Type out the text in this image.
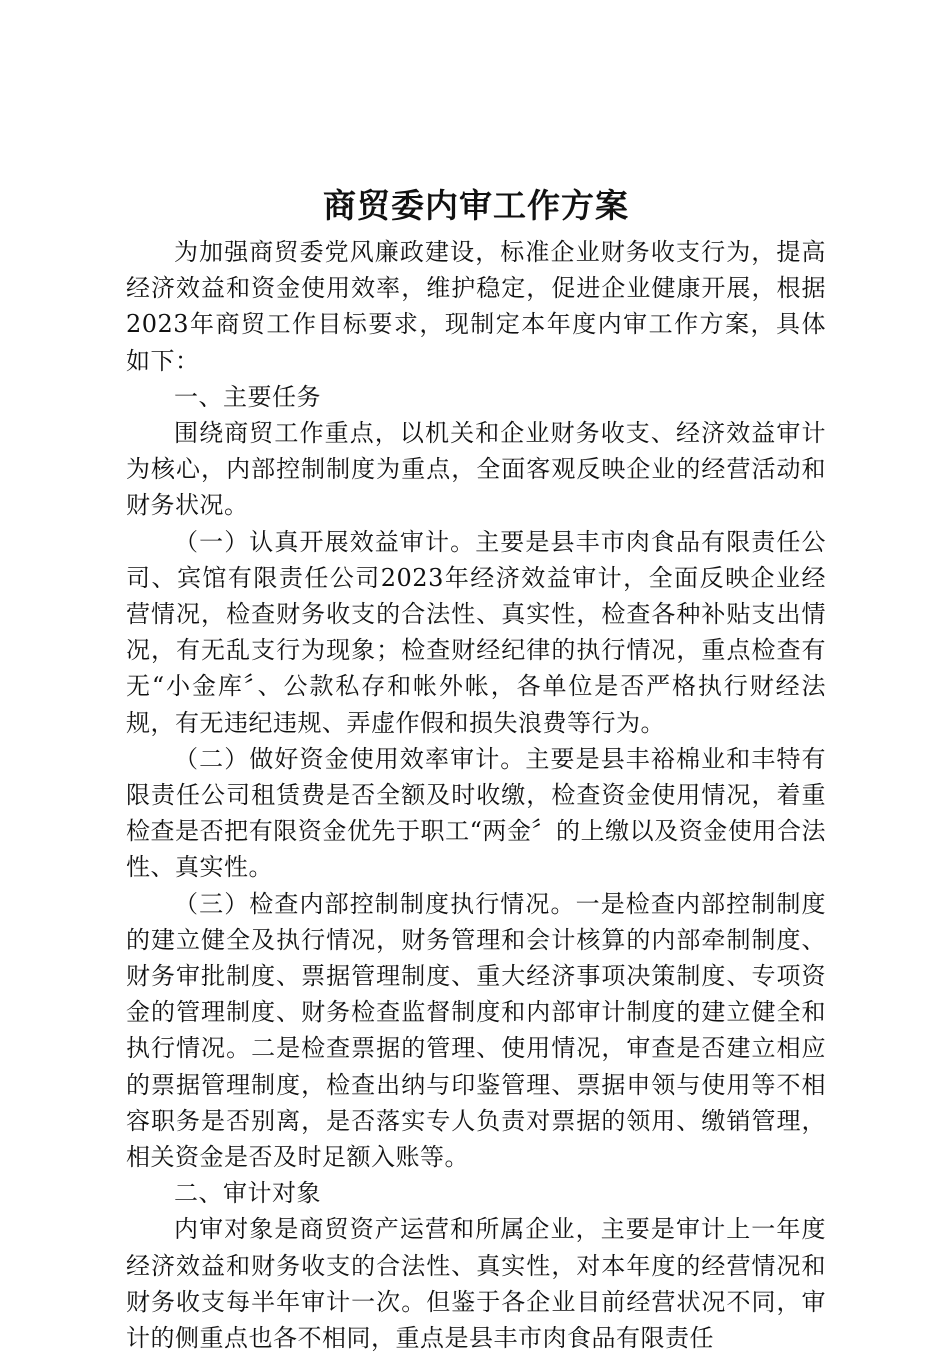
商贸委内审工作方案

为加强商贸委党风廉政建设，标准企业财务收支行为，提高经济效益和资金使用效率，维护稳定，促进企业健康开展，根据2023年商贸工作目标要求，现制定本年度内审工作方案，具体如下：

一、主要任务

围绕商贸工作重点，以机关和企业财务收支、经济效益审计为核心，内部控制制度为重点，全面客观反映企业的经营活动和财务状况。

（一）认真开展效益审计。主要是县丰市肉食品有限责任公司、宾馆有限责任公司2023年经济效益审计，全面反映企业经营情况，检查财务收支的合法性、真实性，检查各种补贴支出情况，有无乱支行为现象；检查财经纪律的执行情况，重点检查有无“小金库〞、公款私存和帐外帐，各单位是否严格执行财经法规，有无违纪违规、弄虚作假和损失浪费等行为。

（二）做好资金使用效率审计。主要是县丰裕棉业和丰特有限责任公司租赁费是否全额及时收缴，检查资金使用情况，着重检查是否把有限资金优先于职工“两金〞的上缴以及资金使用合法性、真实性。

（三）检查内部控制制度执行情况。一是检查内部控制制度的建立健全及执行情况，财务管理和会计核算的内部牵制制度、财务审批制度、票据管理制度、重大经济事项决策制度、专项资金的管理制度、财务检查监督制度和内部审计制度的建立健全和执行情况。二是检查票据的管理、使用情况，审查是否建立相应的票据管理制度，检查出纳与印鉴管理、票据申领与使用等不相容职务是否别离，是否落实专人负责对票据的领用、缴销管理，相关资金是否及时足额入账等。

二、审计对象

内审对象是商贸资产运营和所属企业，主要是审计上一年度经济效益和财务收支的合法性、真实性，对本年度的经营情况和财务收支每半年审计一次。但鉴于各企业目前经营状况不同，审计的侧重点也各不相同，重点是县丰市肉食品有限责任
